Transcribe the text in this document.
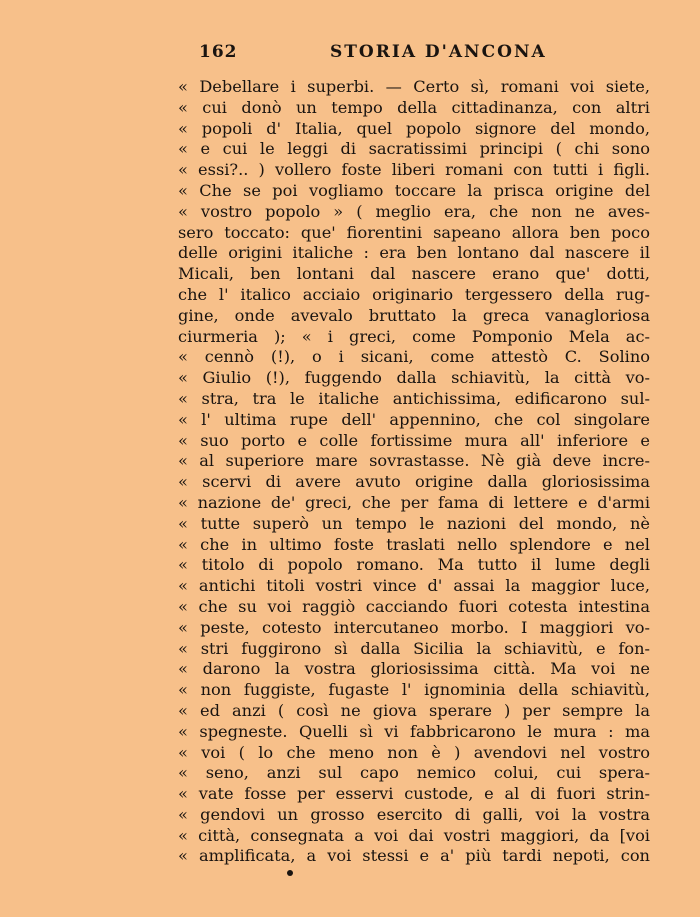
162	STORIA D'ANCONA
« Debellare i superbi. — Certo sì, romani voi siete,
« cui donò un tempo della cittadinanza, con altri
« popoli d' Italia, quel popolo signore del mondo,
« e cui le leggi di sacratissimi principi ( chi sono
« essi?.. ) vollero foste liberi romani con tutti i figli.
« Che se poi vogliamo toccare la prisca origine del
« vostro popolo » ( meglio era, che non ne aves-
sero toccato: que' fiorentini sapeano allora ben poco
delle origini italiche : era ben lontano dal nascere il
Micali, ben lontani dal nascere erano que' dotti,
che l' italico acciaio originario tergessero della rug-
gine, onde avevalo bruttato la greca vanagloriosa
ciurmeria ); « i greci, come Pomponio Mela ac-
« cennò (!), o i sicani, come attestò C. Solino
« Giulio (!), fuggendo dalla schiavitù, la città vo-
« stra, tra le italiche antichissima, edificarono sul-
« l' ultima rupe dell' appennino, che col singolare
« suo porto e colle fortissime mura all' inferiore e
« al superiore mare sovrastasse. Nè già deve incre-
« scervi di avere avuto origine dalla gloriosissima
« nazione de' greci, che per fama di lettere e d'armi
« tutte superò un tempo le nazioni del mondo, nè
« che in ultimo foste traslati nello splendore e nel
« titolo di popolo romano. Ma tutto il lume degli
« antichi titoli vostri vince d' assai la maggior luce,
« che su voi raggiò cacciando fuori cotesta intestina
« peste, cotesto intercutaneo morbo. I maggiori vo-
« stri fuggirono sì dalla Sicilia la schiavitù, e fon-
« darono la vostra gloriosissima città. Ma voi ne
« non fuggiste, fugaste l' ignominia della schiavitù,
« ed anzi ( così ne giova sperare ) per sempre la
« spegneste. Quelli sì vi fabbricarono le mura : ma
« voi ( lo che meno non è ) avendovi nel vostro
« seno, anzi sul capo nemico colui, cui spera-
« vate fosse per esservi custode, e al di fuori strin-
« gendovi un grosso esercito di galli, voi la vostra
« città, consegnata a voi dai vostri maggiori, da [voi
« amplificata, a voi stessi e a' più tardi nepoti, con
